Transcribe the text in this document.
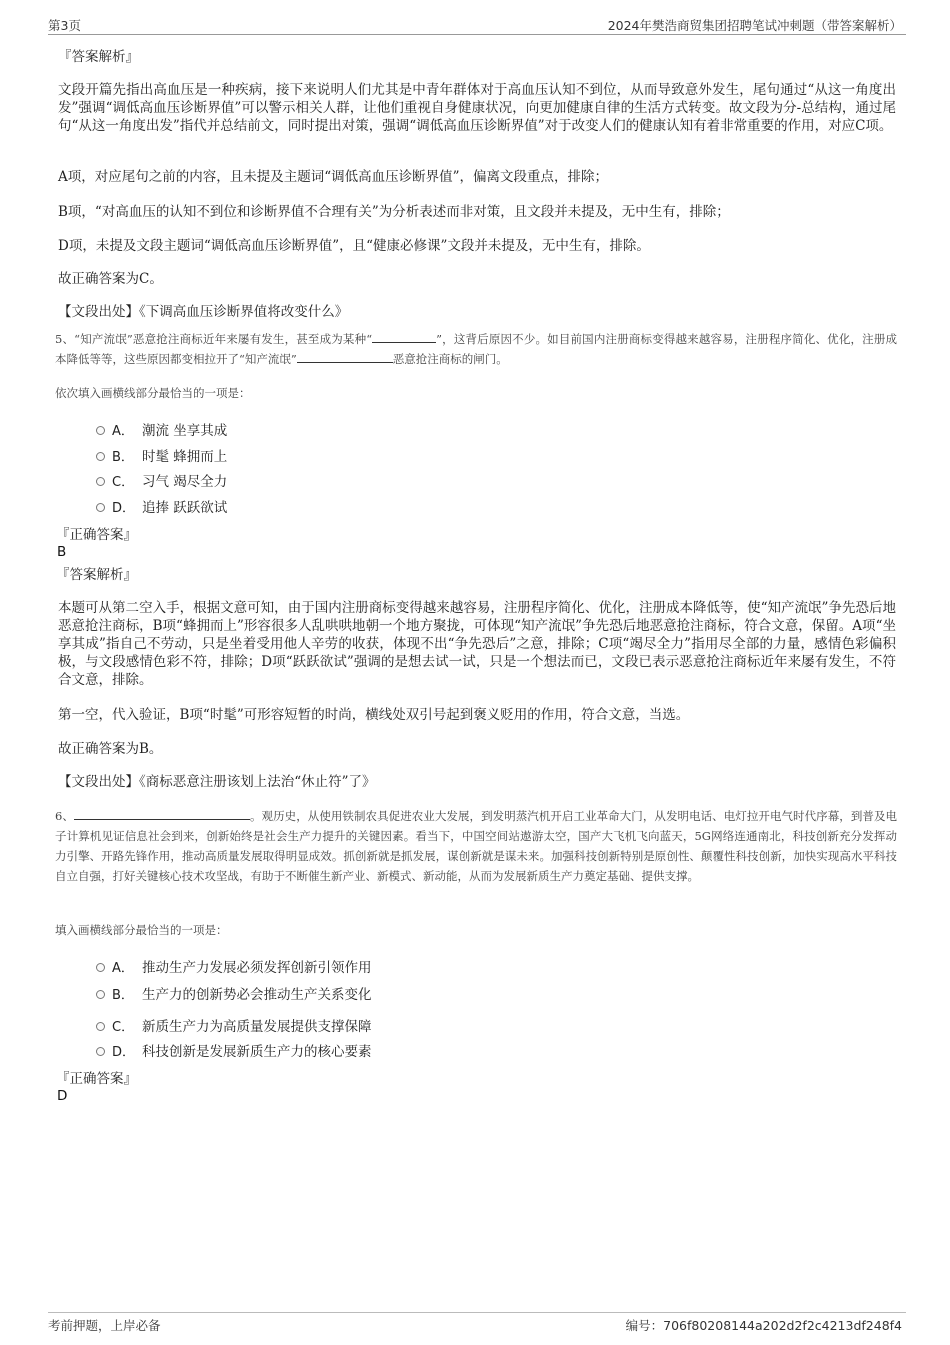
第3页	2024年樊浩商贸集团招聘笔试冲刺题（带答案解析）

『答案解析』

文段开篇先指出高血压是一种疾病，接下来说明人们尤其是中青年群体对于高血压认知不到位，从而导致意外发生，尾句通过“从这一角度出发”强调“调低高血压诊断界值”可以警示相关人群，让他们重视自身健康状况，向更加健康自律的生活方式转变。故文段为分-总结构，通过尾句“从这一角度出发”指代并总结前文，同时提出对策，强调“调低高血压诊断界值”对于改变人们的健康认知有着非常重要的作用，对应C项。

A项，对应尾句之前的内容，且未提及主题词“调低高血压诊断界值”，偏离文段重点，排除；

B项，“对高血压的认知不到位和诊断界值不合理有关”为分析表述而非对策，且文段并未提及，无中生有，排除；

D项，未提及文段主题词“调低高血压诊断界值”，且“健康必修课”文段并未提及，无中生有，排除。

故正确答案为C。

【文段出处】《下调高血压诊断界值将改变什么》

5、“知产流氓”恶意抢注商标近年来屡有发生，甚至成为某种“	”，这背后原因不少。如目前国内注册商标变得越来越容易，注册程序简化、优化，注册成本降低等等，这些原因都变相拉开了“知产流氓”	恶意抢注商标的闸门。

依次填入画横线部分最恰当的一项是：

A． 潮流 坐享其成
B． 时髦 蜂拥而上
C． 习气 竭尽全力
D． 追捧 跃跃欲试

『正确答案』

B

『答案解析』

本题可从第二空入手，根据文意可知，由于国内注册商标变得越来越容易，注册程序简化、优化，注册成本降低等，使“知产流氓”争先恐后地恶意抢注商标，B项“蜂拥而上”形容很多人乱哄哄地朝一个地方聚拢，可体现“知产流氓”争先恐后地恶意抢注商标，符合文意，保留。A项“坐享其成”指自己不劳动，只是坐着受用他人辛劳的收获，体现不出“争先恐后”之意，排除；C项“竭尽全力”指用尽全部的力量，感情色彩偏积极，与文段感情色彩不符，排除；D项“跃跃欲试”强调的是想去试一试，只是一个想法而已，文段已表示恶意抢注商标近年来屡有发生，不符合文意，排除。

第一空，代入验证，B项“时髦”可形容短暂的时尚，横线处双引号起到褒义贬用的作用，符合文意，当选。

故正确答案为B。

【文段出处】《商标恶意注册该划上法治“休止符”了》

6、	。观历史，从使用铁制农具促进农业大发展，到发明蒸汽机开启工业革命大门，从发明电话、电灯拉开电气时代序幕，到普及电子计算机见证信息社会到来，创新始终是社会生产力提升的关键因素。看当下，中国空间站遨游太空，国产大飞机飞向蓝天，5G网络连通南北，科技创新充分发挥动力引擎、开路先锋作用，推动高质量发展取得明显成效。抓创新就是抓发展，谋创新就是谋未来。加强科技创新特别是原创性、颠覆性科技创新，加快实现高水平科技自立自强，打好关键核心技术攻坚战，有助于不断催生新产业、新模式、新动能，从而为发展新质生产力奠定基础、提供支撑。

填入画横线部分最恰当的一项是：

A． 推动生产力发展必须发挥创新引领作用
B． 生产力的创新势必会推动生产关系变化
C． 新质生产力为高质量发展提供支撑保障
D． 科技创新是发展新质生产力的核心要素

『正确答案』

D

考前押题，上岸必备	编号：706f80208144a202d2f2c4213df248f4
